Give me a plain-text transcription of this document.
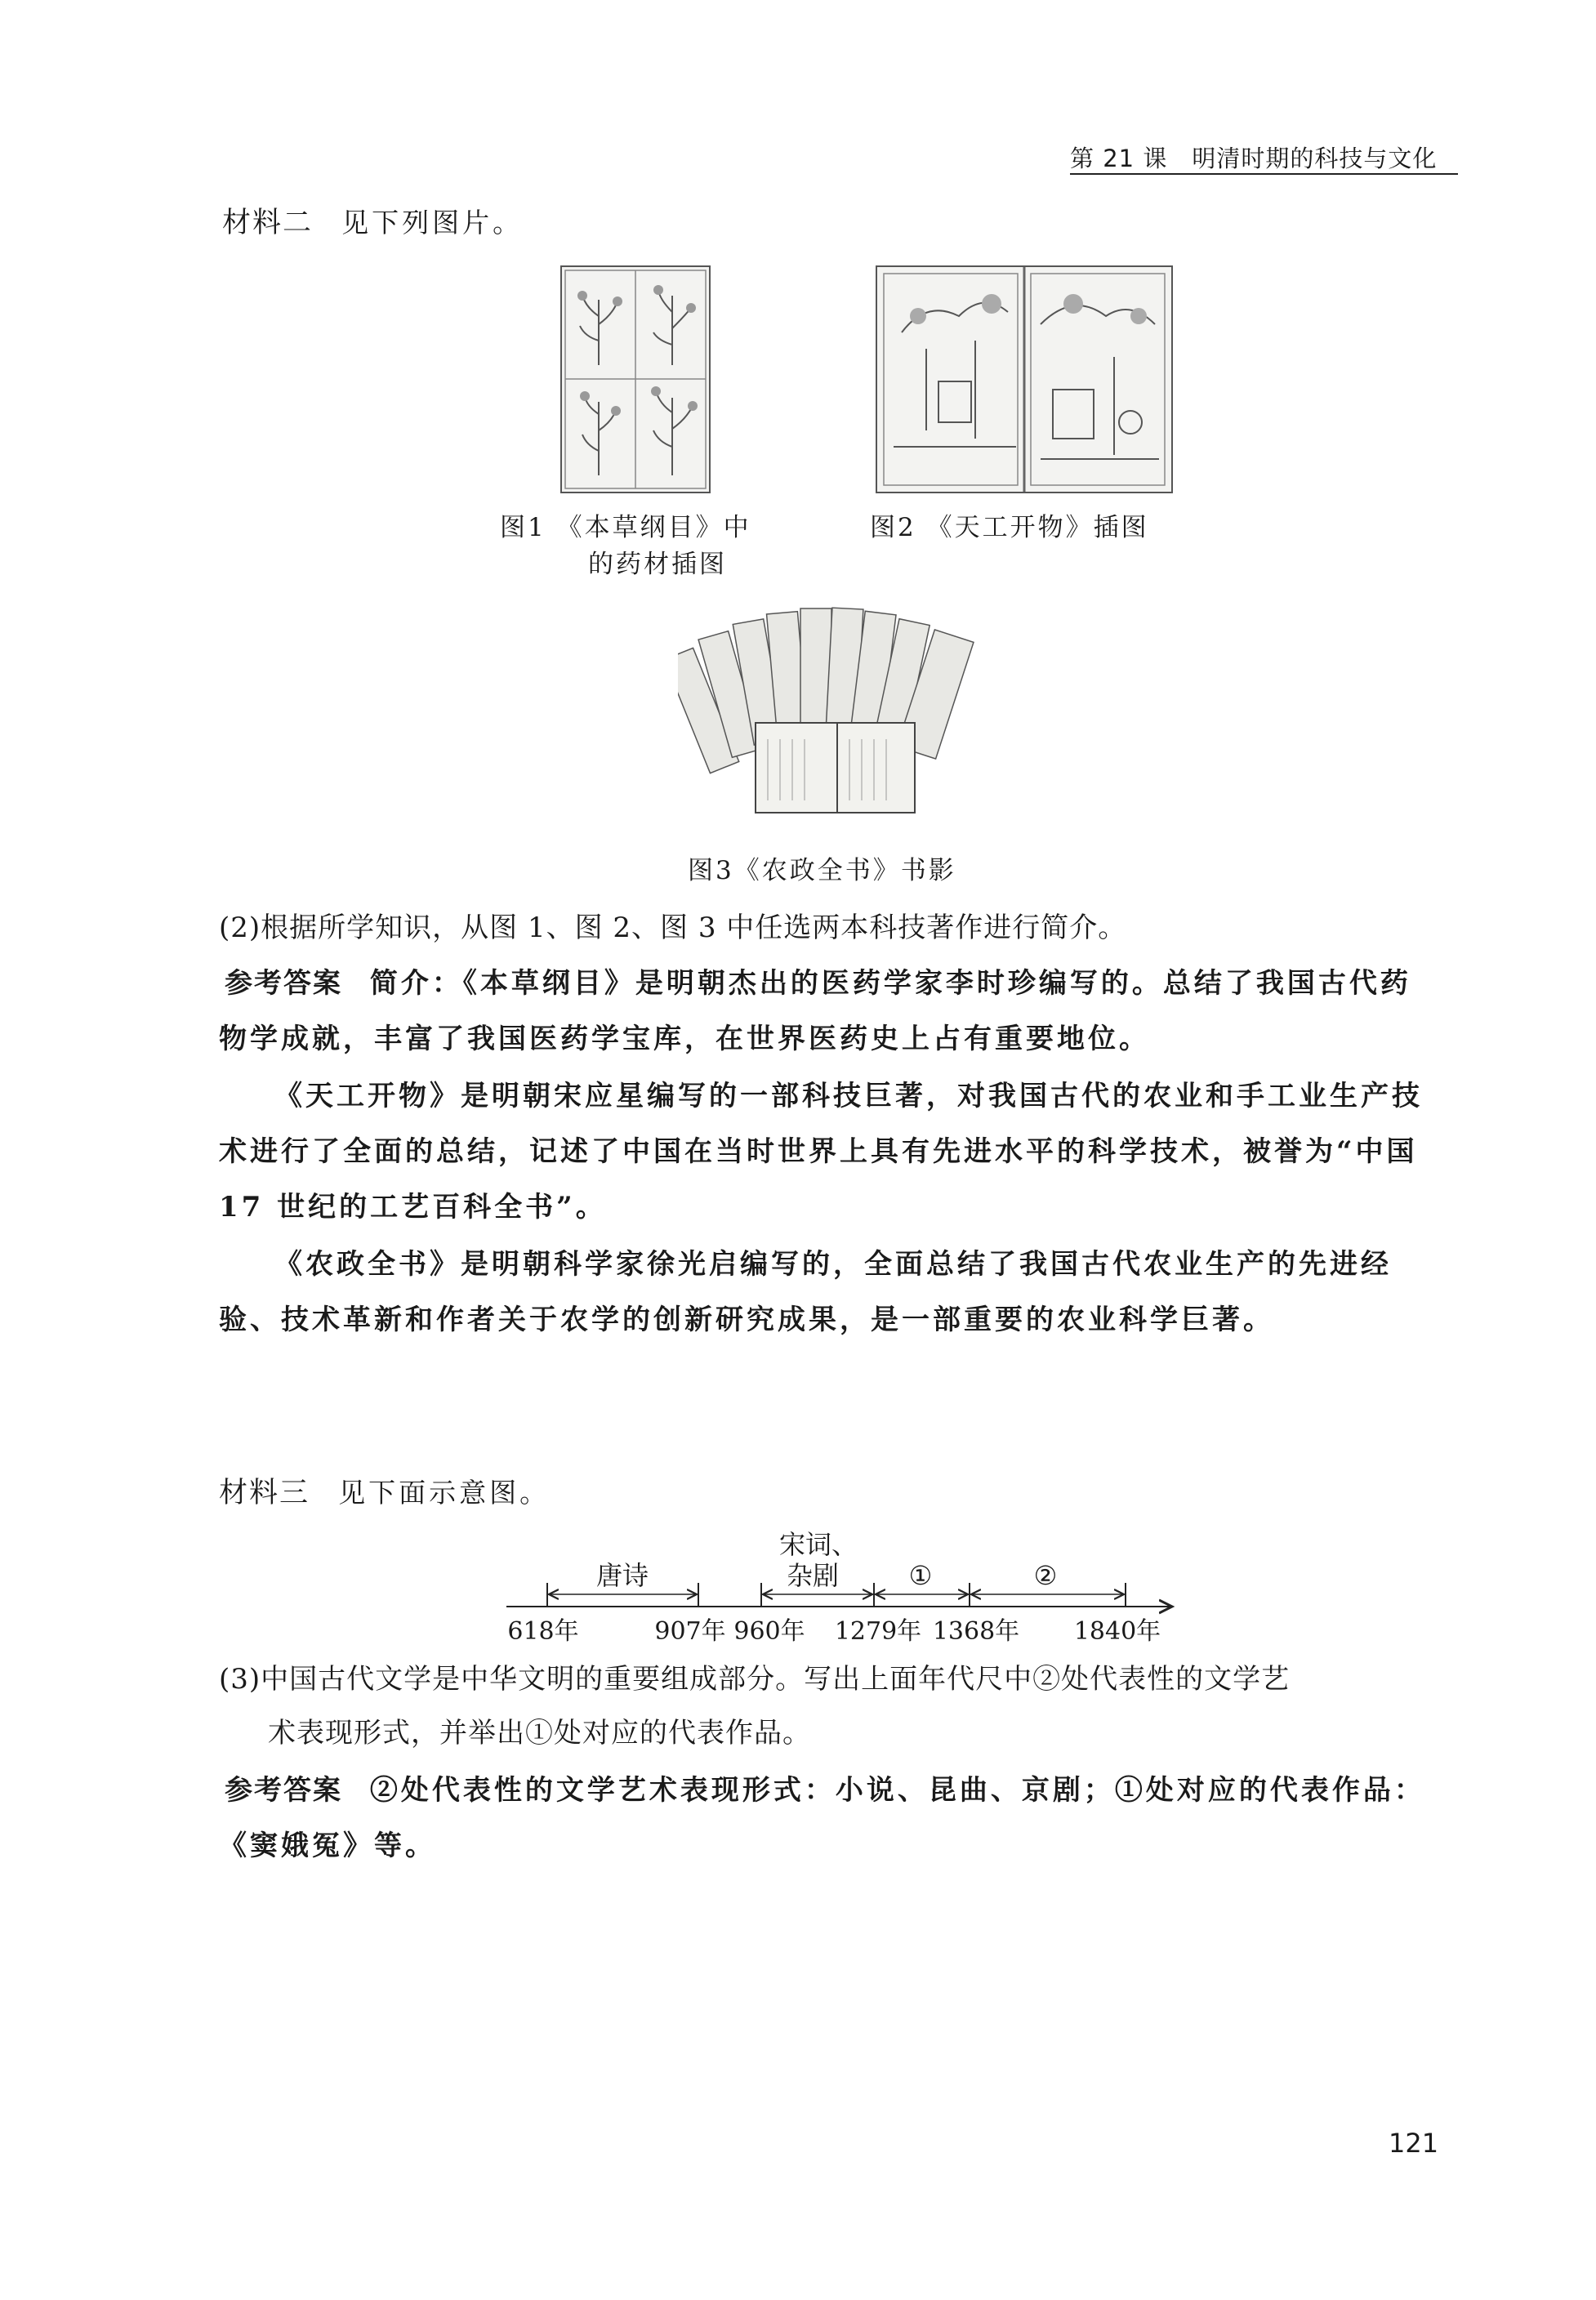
第 21 课　明清时期的科技与文化
材料二 见下列图片。
图1 《本草纲目》中
的药材插图
图2 《天工开物》插图
图3《农政全书》书影
(2)根据所学知识，从图 1、图 2、图 3 中任选两本科技著作进行简介。
参考答案 简介：《本草纲目》是明朝杰出的医药学家李时珍编写的。总结了我国古代药
物学成就，丰富了我国医药学宝库，在世界医药史上占有重要地位。
《天工开物》是明朝宋应星编写的一部科技巨著，对我国古代的农业和手工业生产技
术进行了全面的总结，记述了中国在当时世界上具有先进水平的科学技术，被誉为“中国
17 世纪的工艺百科全书”。
《农政全书》是明朝科学家徐光启编写的，全面总结了我国古代农业生产的先进经
验、技术革新和作者关于农学的创新研究成果，是一部重要的农业科学巨著。
材料三 见下面示意图。
唐诗
宋词、
杂剧	①	②
618年	907年 960年 1279年 1368年 1840年
(3)中国古代文学是中华文明的重要组成部分。写出上面年代尺中②处代表性的文学艺
术表现形式，并举出①处对应的代表作品。
参考答案 ②处代表性的文学艺术表现形式：小说、昆曲、京剧；①处对应的代表作品：
《窦娥冤》等。
121
